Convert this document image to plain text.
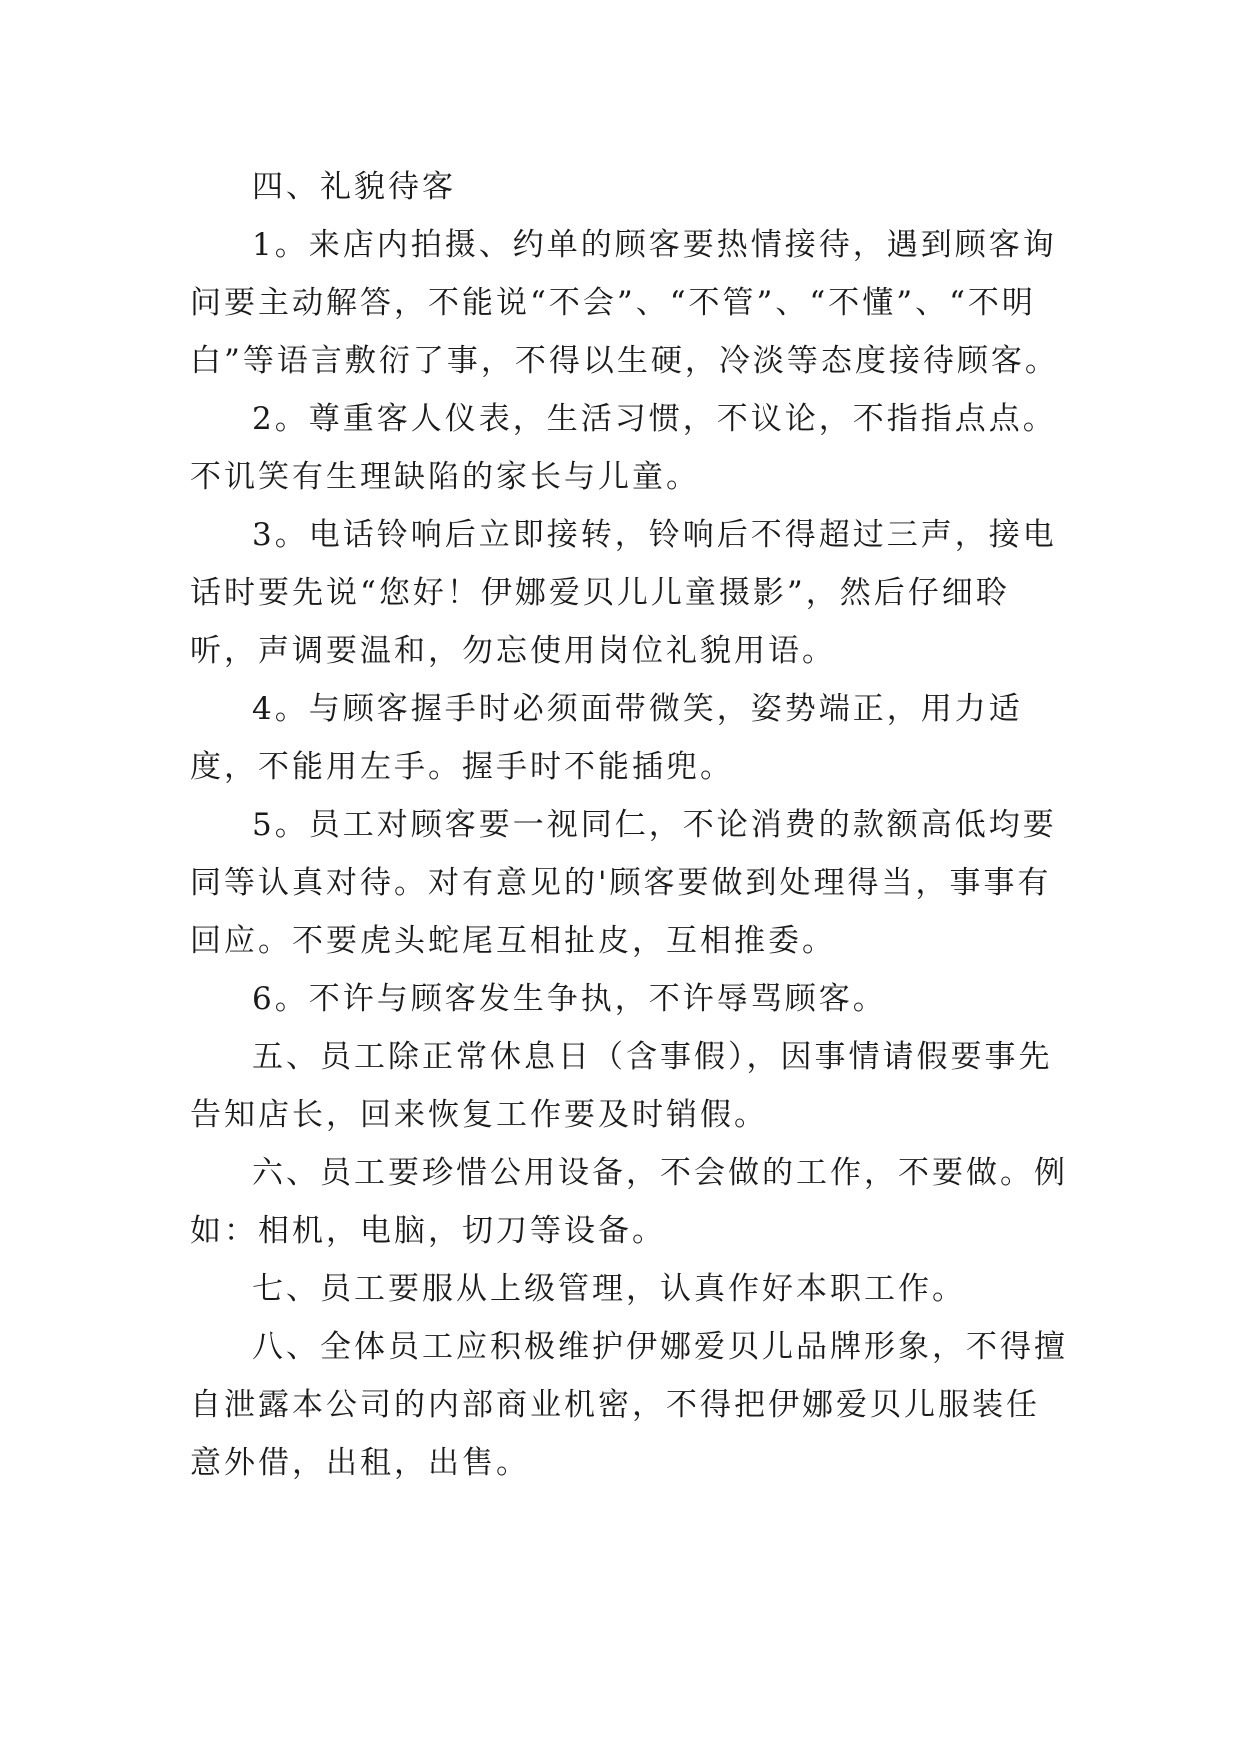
四、礼貌待客

1。来店内拍摄、约单的顾客要热情接待，遇到顾客询问要主动解答，不能说“不会”、“不管”、“不懂”、“不明白”等语言敷衍了事，不得以生硬，冷淡等态度接待顾客。

2。尊重客人仪表，生活习惯，不议论，不指指点点。不讥笑有生理缺陷的家长与儿童。

3。电话铃响后立即接转，铃响后不得超过三声，接电话时要先说“您好！伊娜爱贝儿儿童摄影”，然后仔细聆听，声调要温和，勿忘使用岗位礼貌用语。

4。与顾客握手时必须面带微笑，姿势端正，用力适度，不能用左手。握手时不能插兜。

5。员工对顾客要一视同仁，不论消费的款额高低均要同等认真对待。对有意见的'顾客要做到处理得当，事事有回应。不要虎头蛇尾互相扯皮，互相推委。

6。不许与顾客发生争执，不许辱骂顾客。

五、员工除正常休息日（含事假），因事情请假要事先告知店长，回来恢复工作要及时销假。

六、员工要珍惜公用设备，不会做的工作，不要做。例如：相机，电脑，切刀等设备。

七、员工要服从上级管理，认真作好本职工作。

八、全体员工应积极维护伊娜爱贝儿品牌形象，不得擅自泄露本公司的内部商业机密，不得把伊娜爱贝儿服装任意外借，出租，出售。
